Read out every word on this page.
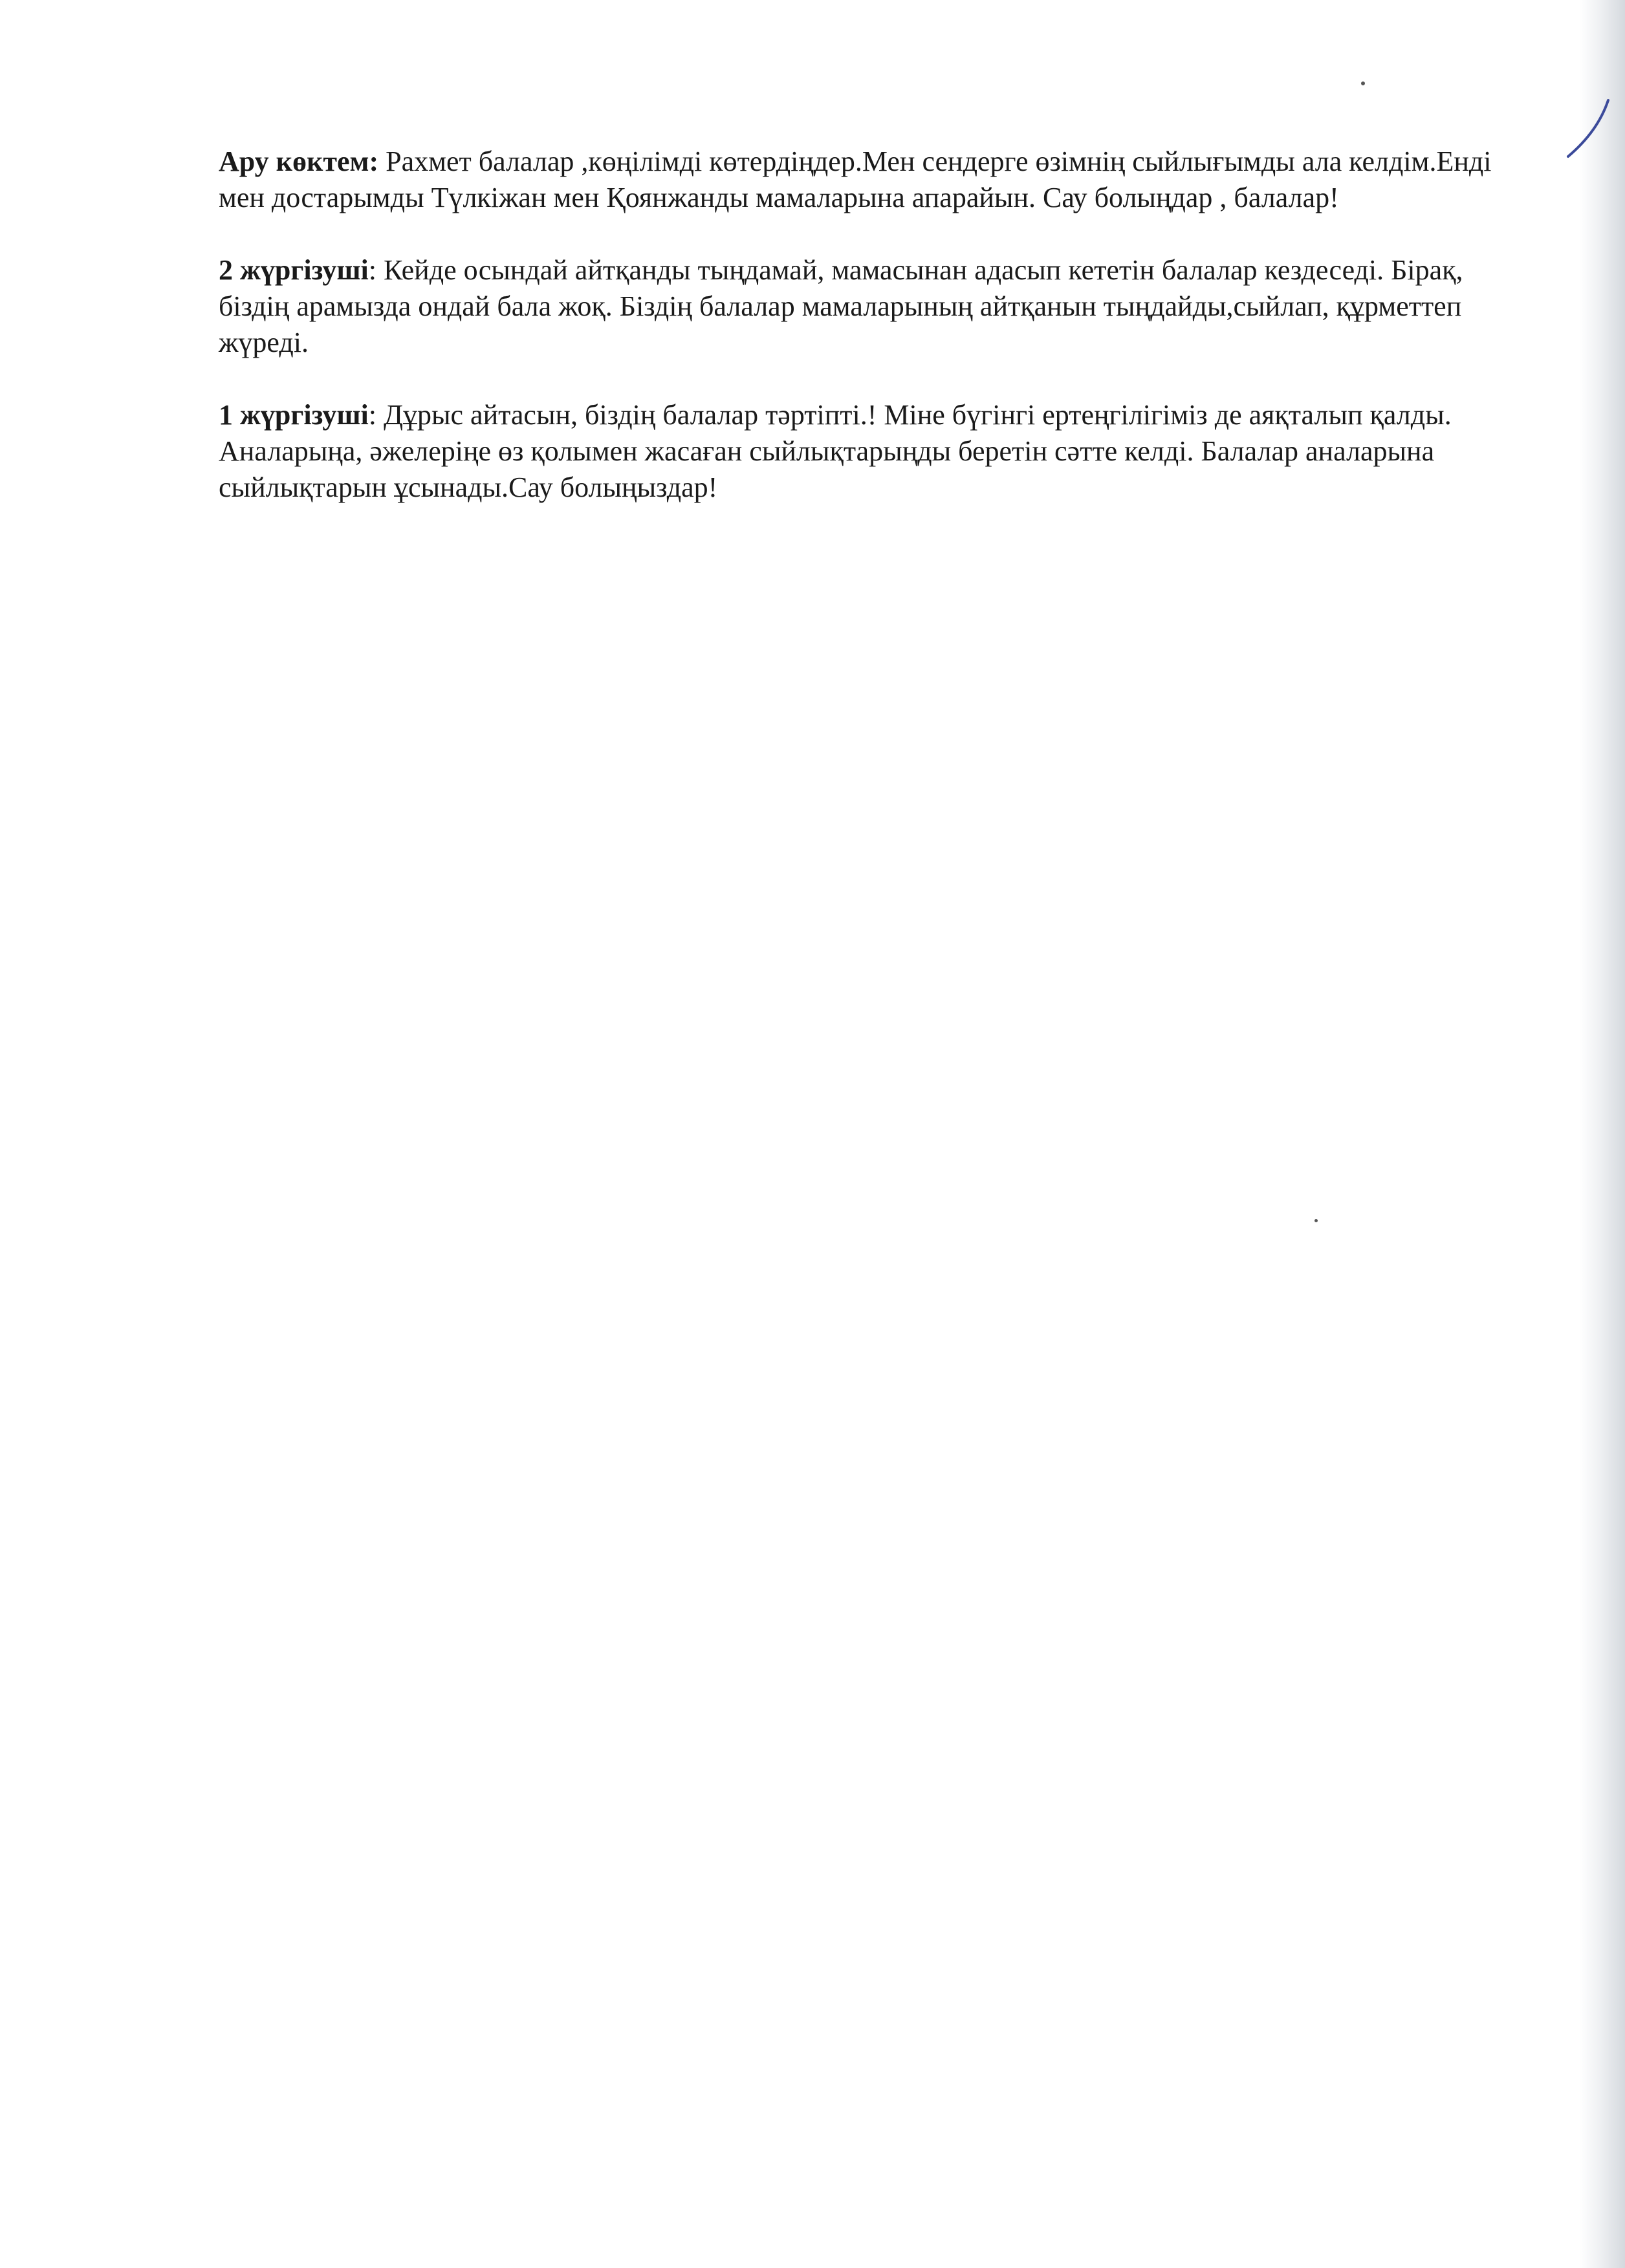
Ару көктем: Рахмет балалар ,көңілімді көтердіңдер.Мен сендерге өзімнің сыйлығымды ала келдім.Енді мен достарымды Түлкіжан мен Қоянжанды мамаларына апарайын. Сау болыңдар , балалар!

2 жүргізуші: Кейде осындай айтқанды тыңдамай, мамасынан адасып кететін балалар кездеседі. Бірақ, біздің арамызда ондай бала жоқ. Біздің балалар мамаларының айтқанын тыңдайды,сыйлап, құрметтеп жүреді.

1 жүргізуші: Дұрыс айтасын, біздің балалар тәртіпті.! Міне бүгінгі ертеңгілігіміз де аяқталып қалды. Аналарыңа, әжелеріңе өз қолымен жасаған сыйлықтарыңды беретін сәтте келді. Балалар аналарына сыйлықтарын ұсынады.Сау болыңыздар!
